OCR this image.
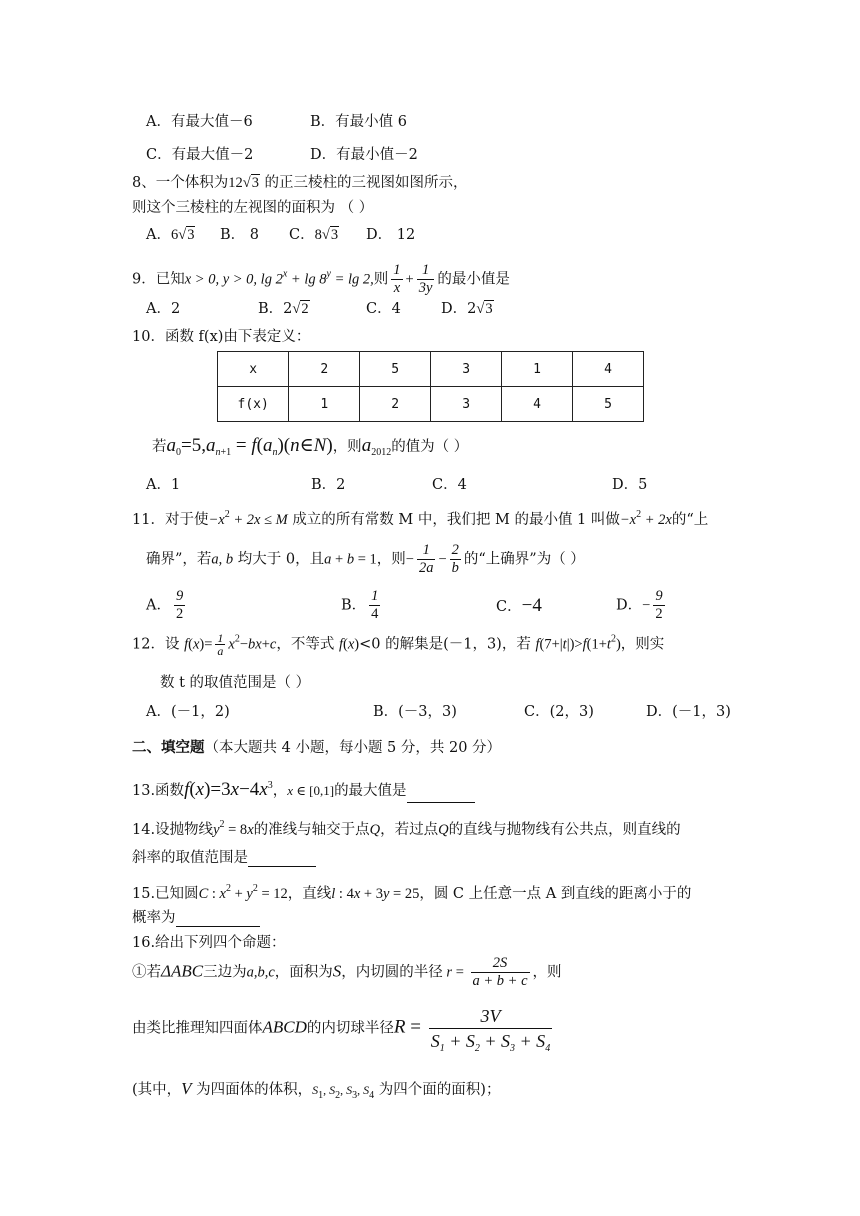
A．有最大值－6	B．有最小值 6
C．有最大值－2	D．有最小值－2
8、一个体积为12√3 的正三棱柱的三视图如图所示，
则这个三棱柱的左视图的面积为 （ ）
A．6√3 B． 8 C．8√3 D． 12
9．已知x > 0, y > 0, $\lg 2^x + \lg 8^y = \lg 2$,则 $\frac{1}{x} + \frac{1}{3y}$ 的最小值是
A．2	B．2√2	C．4	D．2√3
10．函数 f(x)由下表定义：
x	2	5	3	1	4
f(x)	1	2	3	4	5
若$a_0=5,a_{n+1}$ = $f(a_n)(n\in N)$，则$a_{2012}$的值为（ ）
A．1	B．2	C．4	D．5
11．对于使$-x^2 + 2x \le M$ 成立的所有常数 M 中，我们把 M 的最小值 1 叫做$-x^2 + 2x$的“上
确界”，若a, b 均大于 0，且a + b = 1，则− $\frac{1}{2a} - \frac{2}{b}$ 的“上确界”为（ ）
A． $\frac{9}{2}$	B． $\frac{1}{4}$	C．−4	D．− $\frac{9}{2}$
12．设 $f(x)= \frac{1}{a} x^2-bx+c$，不等式 f(x)<0 的解集是(－1，3)，若 $f(7+|t|)>f(1+t^2)$，则实
数 t 的取值范围是（ ）
A．(－1，2)	B．(－3，3)	C．(2，3)	D．(－1，3)
二、填空题（本大题共 4 小题，每小题 5 分，共 20 分）
13.函数$f(x)=3x-4x^3$，x ∈ [0,1]的最大值是
14.设抛物线$y^2 = 8x$的准线与轴交于点Q，若过点Q的直线与抛物线有公共点，则直线的
斜率的取值范围是
15.已知圆C : $x^2 + y^2 = 12$，直线l : 4x + 3y = 25，圆 C 上任意一点 A 到直线的距离小于的
概率为
16.给出下列四个命题：
①若ΔABC三边为a,b,c，面积为S，内切圆的半径 $r = \frac{2S}{a + b + c}$ ，则
由类比推理知四面体ABCD的内切球半径$R = \frac{3V}{S_1 + S_2 + S_3 + S_4}$
(其中，V 为四面体的体积，$S_1$, $S_2$, $S_3$, $S_4$ 为四个面的面积)；
